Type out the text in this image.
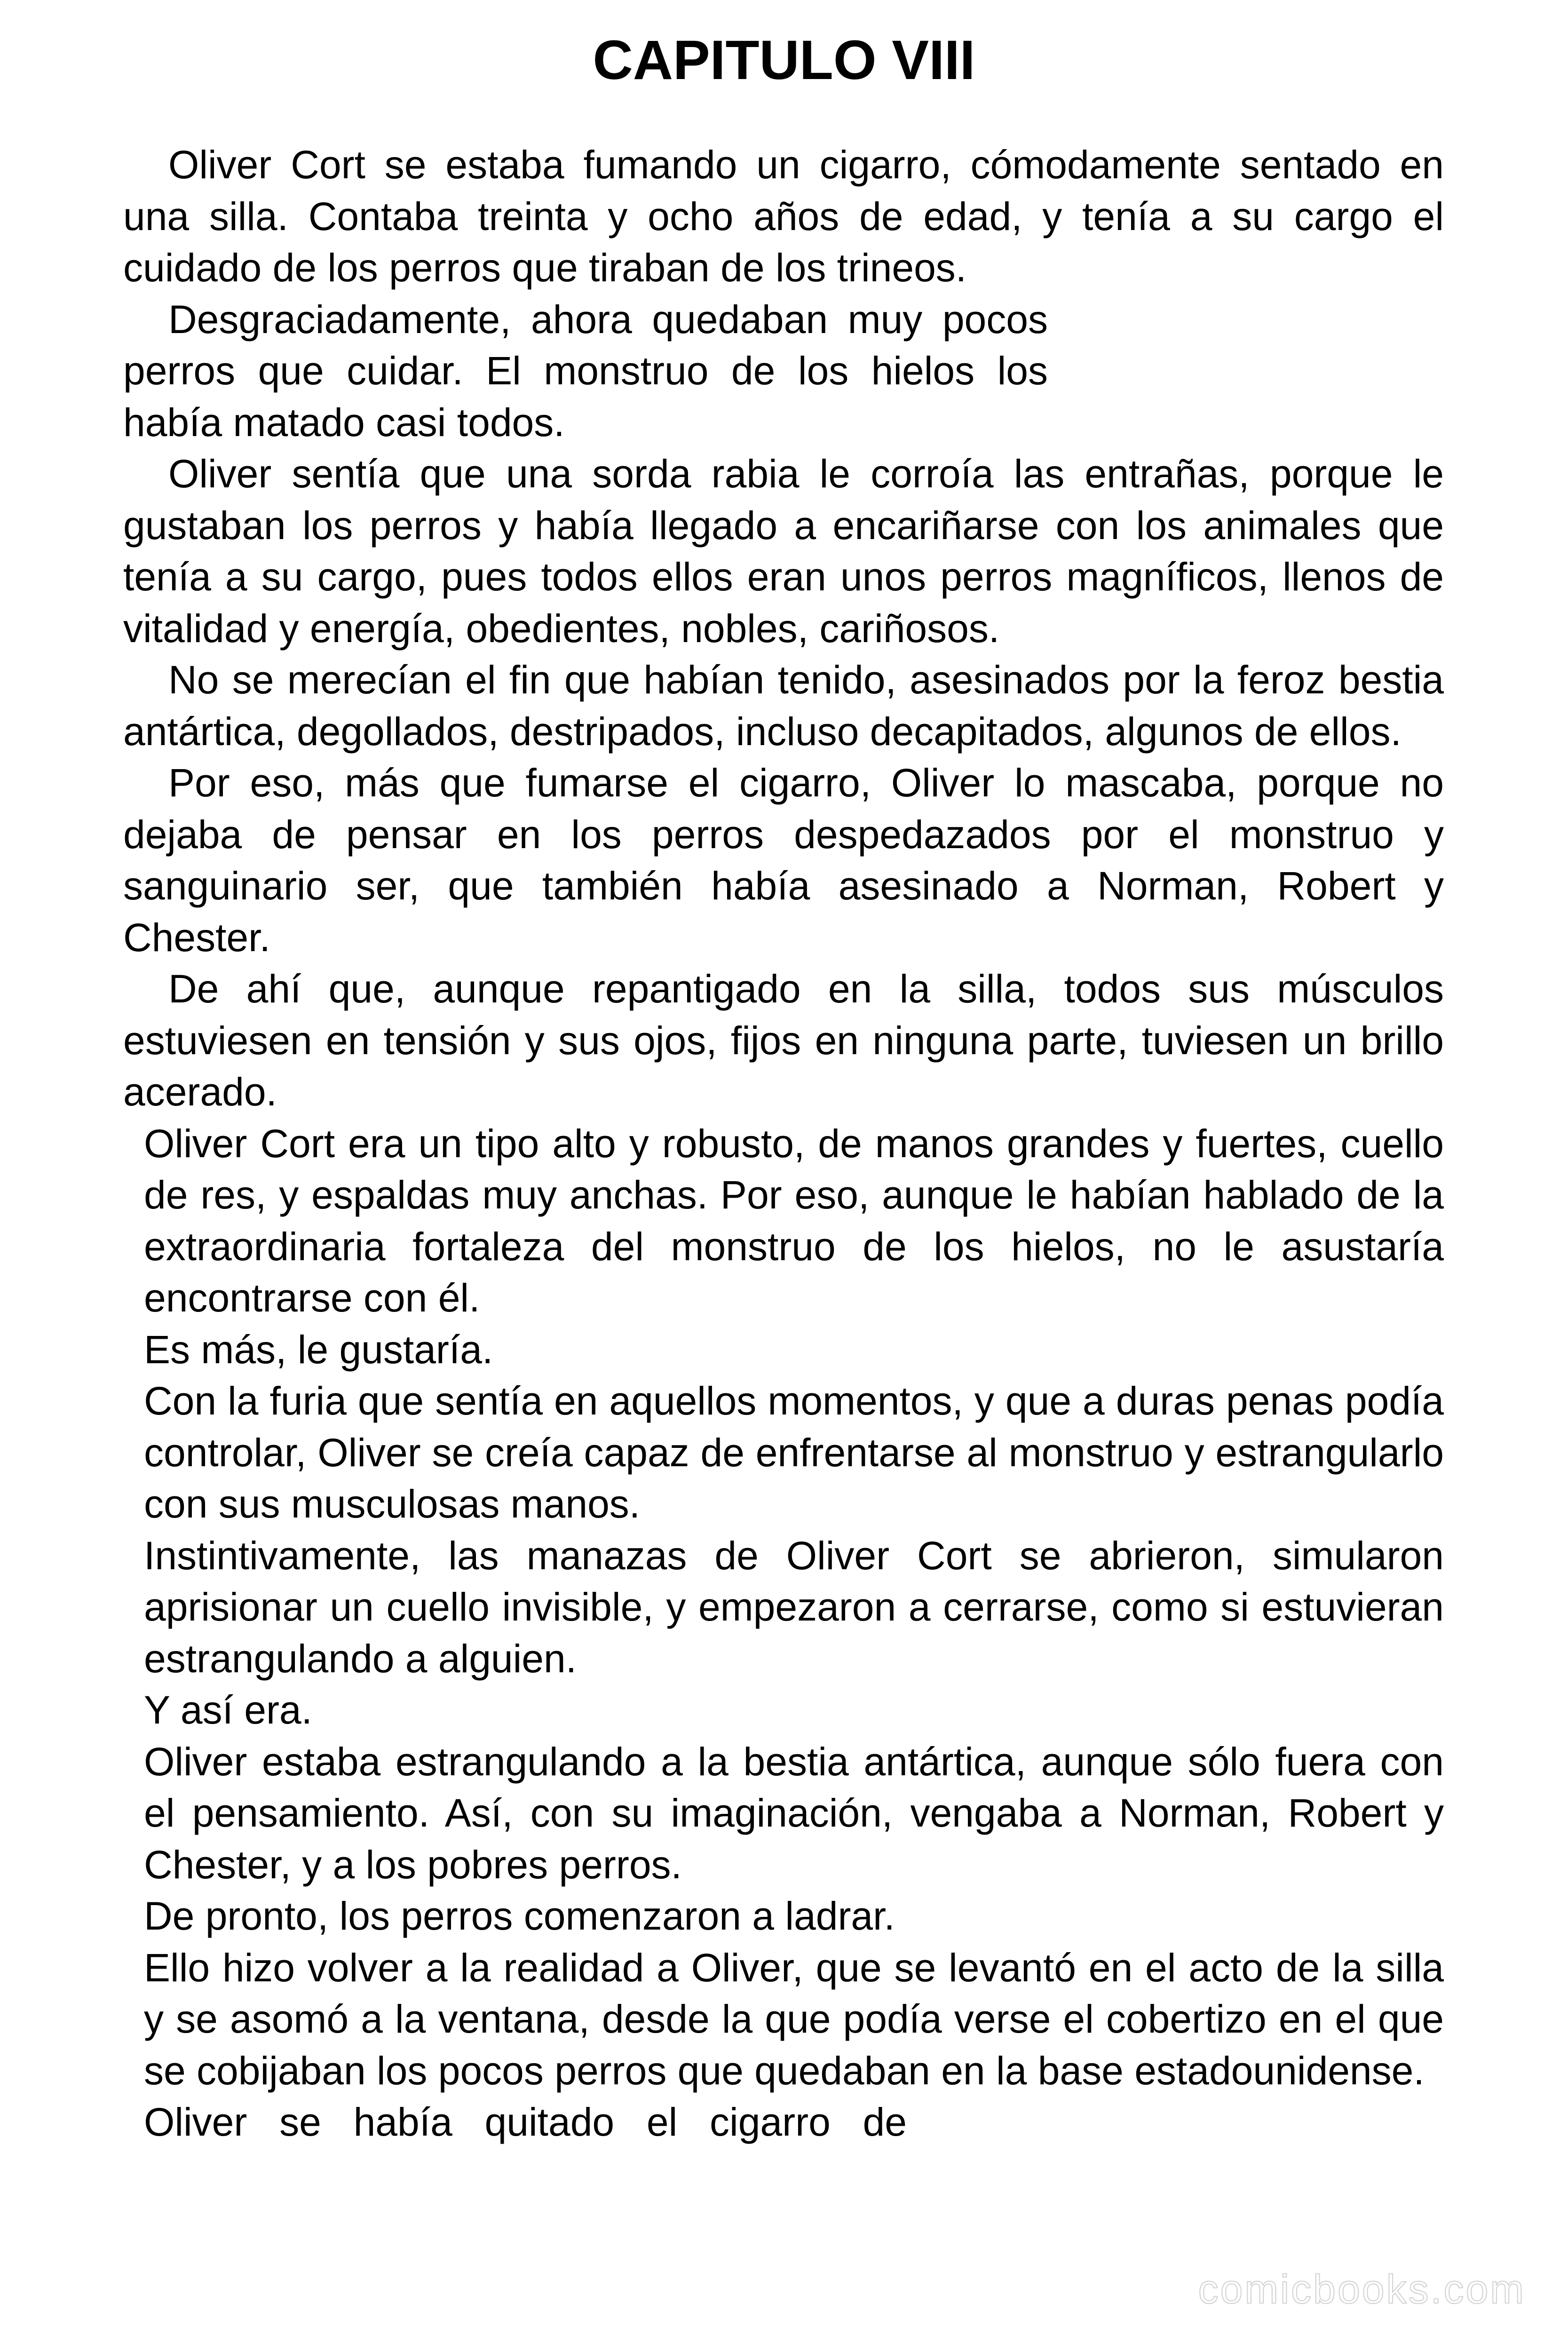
CAPITULO VIII

Oliver Cort se estaba fumando un cigarro, cómodamente sentado en una silla. Contaba treinta y ocho años de edad, y tenía a su cargo el cuidado de los perros que tiraban de los trineos.

Desgraciadamente, ahora quedaban muy pocos perros que cuidar. El monstruo de los hielos los había matado casi todos.

Oliver sentía que una sorda rabia le corroía las entrañas, porque le gustaban los perros y había llegado a encariñarse con los animales que tenía a su cargo, pues todos ellos eran unos perros magníficos, llenos de vitalidad y energía, obedientes, nobles, cariñosos.

No se merecían el fin que habían tenido, asesinados por la feroz bestia antártica, degollados, destripados, incluso decapitados, algunos de ellos.

Por eso, más que fumarse el cigarro, Oliver lo mascaba, porque no dejaba de pensar en los perros despedazados por el monstruo y sanguinario ser, que también había asesinado a Norman, Robert y Chester.

De ahí que, aunque repantigado en la silla, todos sus músculos estuviesen en tensión y sus ojos, fijos en ninguna parte, tuviesen un brillo acerado.

Oliver Cort era un tipo alto y robusto, de manos grandes y fuertes, cuello de res, y espaldas muy anchas. Por eso, aunque le habían hablado de la extraordinaria fortaleza del monstruo de los hielos, no le asustaría encontrarse con él.

Es más, le gustaría.

Con la furia que sentía en aquellos momentos, y que a duras penas podía controlar, Oliver se creía capaz de enfrentarse al monstruo y estrangularlo con sus musculosas manos.

Instintivamente, las manazas de Oliver Cort se abrieron, simularon aprisionar un cuello invisible, y empezaron a cerrarse, como si estuvieran estrangulando a alguien.

Y así era.

Oliver estaba estrangulando a la bestia antártica, aunque sólo fuera con el pensamiento. Así, con su imaginación, vengaba a Norman, Robert y Chester, y a los pobres perros.

De pronto, los perros comenzaron a ladrar.

Ello hizo volver a la realidad a Oliver, que se levantó en el acto de la silla y se asomó a la ventana, desde la que podía verse el cobertizo en el que se cobijaban los pocos perros que quedaban en la base estadounidense.

Oliver se había quitado el cigarro de

comicbooks.com
